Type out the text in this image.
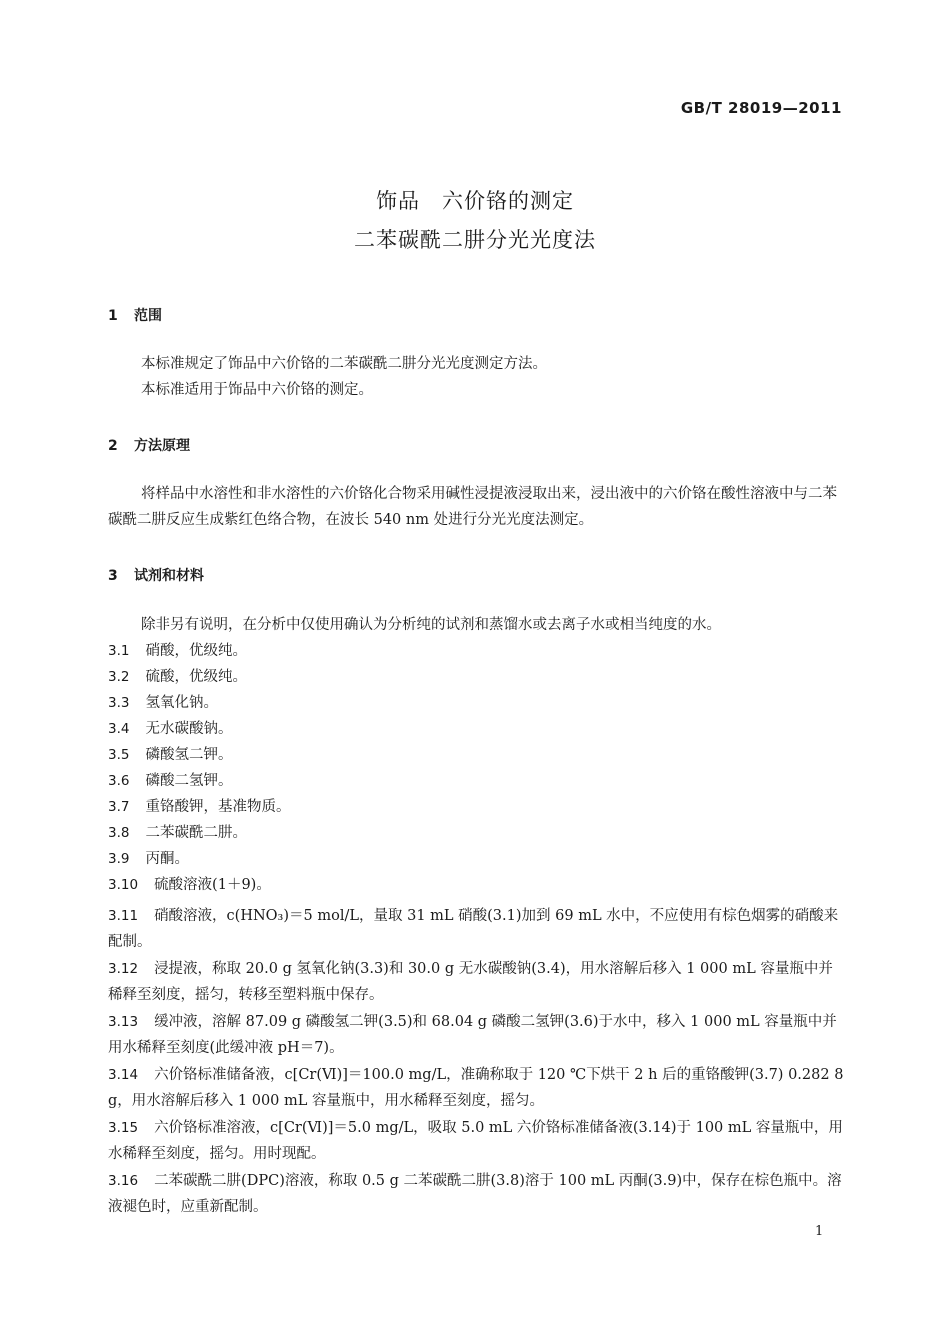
GB/T 28019—2011
饰品　六价铬的测定
二苯碳酰二肼分光光度法
1 范围
本标准规定了饰品中六价铬的二苯碳酰二肼分光光度测定方法。
本标准适用于饰品中六价铬的测定。
2 方法原理
将样品中水溶性和非水溶性的六价铬化合物采用碱性浸提液浸取出来，浸出液中的六价铬在酸性溶液中与二苯碳酰二肼反应生成紫红色络合物，在波长 540 nm 处进行分光光度法测定。
3 试剂和材料
除非另有说明，在分析中仅使用确认为分析纯的试剂和蒸馏水或去离子水或相当纯度的水。
3.1 硝酸，优级纯。
3.2 硫酸，优级纯。
3.3 氢氧化钠。
3.4 无水碳酸钠。
3.5 磷酸氢二钾。
3.6 磷酸二氢钾。
3.7 重铬酸钾，基准物质。
3.8 二苯碳酰二肼。
3.9 丙酮。
3.10 硫酸溶液(1＋9)。
3.11 硝酸溶液，c(HNO₃)＝5 mol/L，量取 31 mL 硝酸(3.1)加到 69 mL 水中，不应使用有棕色烟雾的硝酸来配制。
3.12 浸提液，称取 20.0 g 氢氧化钠(3.3)和 30.0 g 无水碳酸钠(3.4)，用水溶解后移入 1 000 mL 容量瓶中并稀释至刻度，摇匀，转移至塑料瓶中保存。
3.13 缓冲液，溶解 87.09 g 磷酸氢二钾(3.5)和 68.04 g 磷酸二氢钾(3.6)于水中，移入 1 000 mL 容量瓶中并用水稀释至刻度(此缓冲液 pH＝7)。
3.14 六价铬标准储备液，c[Cr(Ⅵ)]＝100.0 mg/L，准确称取于 120 ℃下烘干 2 h 后的重铬酸钾(3.7) 0.282 8 g，用水溶解后移入 1 000 mL 容量瓶中，用水稀释至刻度，摇匀。
3.15 六价铬标准溶液，c[Cr(Ⅵ)]＝5.0 mg/L，吸取 5.0 mL 六价铬标准储备液(3.14)于 100 mL 容量瓶中，用水稀释至刻度，摇匀。用时现配。
3.16 二苯碳酰二肼(DPC)溶液，称取 0.5 g 二苯碳酰二肼(3.8)溶于 100 mL 丙酮(3.9)中，保存在棕色瓶中。溶液褪色时，应重新配制。
1
